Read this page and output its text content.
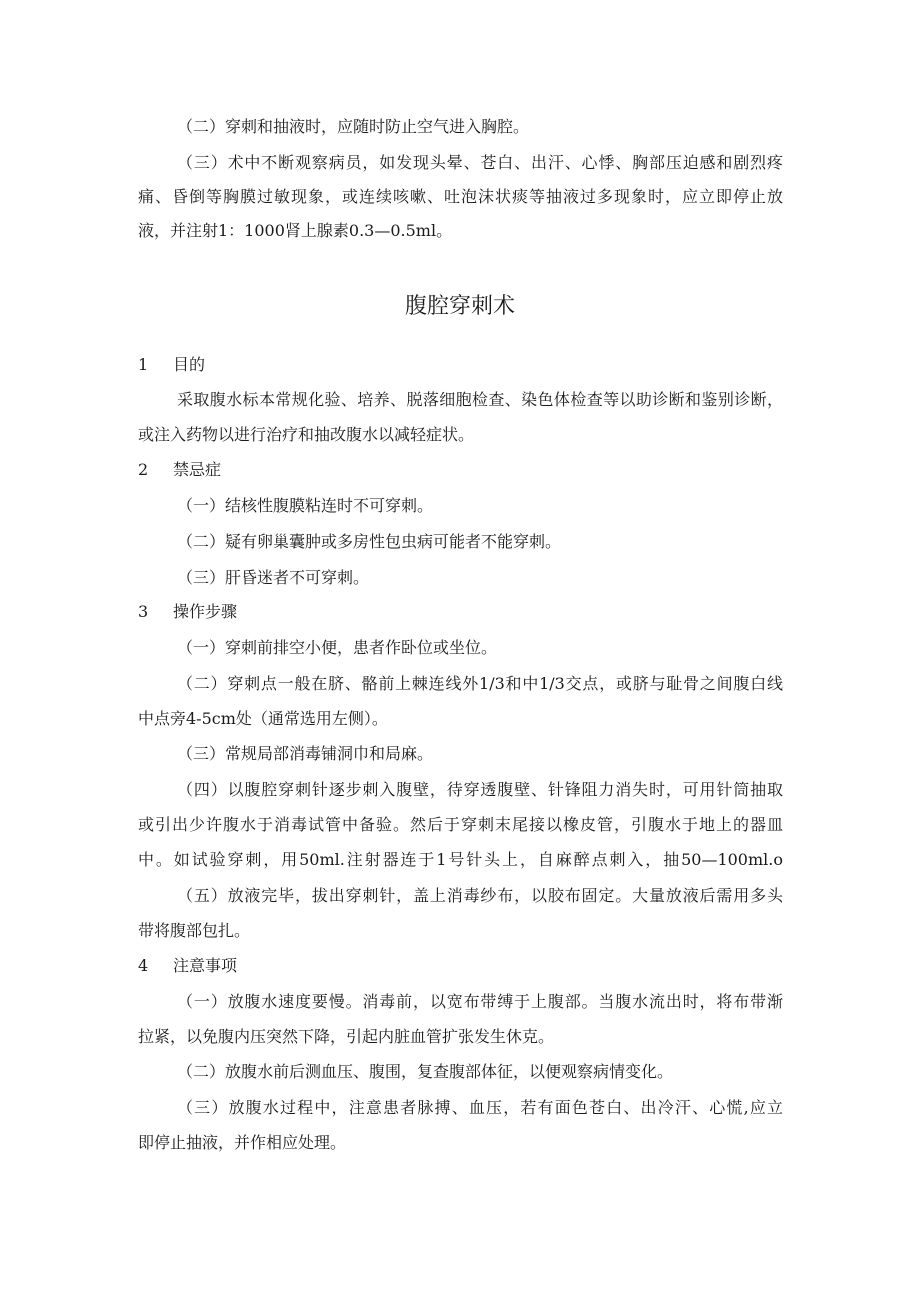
（二）穿刺和抽液时，应随时防止空气进入胸腔。

（三）术中不断观察病员，如发现头晕、苍白、出汗、心悸、胸部压迫感和剧烈疼

痛、昏倒等胸膜过敏现象，或连续咳嗽、吐泡沫状痰等抽液过多现象时，应立即停止放

液，并注射1：1000肾上腺素0.3—0.5ml。

腹腔穿刺术

1 目的

采取腹水标本常规化验、培养、脱落细胞检查、染色体检查等以助诊断和鉴别诊断，

或注入药物以进行治疗和抽改腹水以减轻症状。

2 禁忌症

（一）结核性腹膜粘连时不可穿刺。

（二）疑有卵巢囊肿或多房性包虫病可能者不能穿刺。

（三）肝昏迷者不可穿刺。

3 操作步骤

（一）穿刺前排空小便，患者作卧位或坐位。

（二）穿刺点一般在脐、骼前上棘连线外1/3和中1/3交点，或脐与耻骨之间腹白线

中点旁4-5cm处（通常选用左侧）。

（三）常规局部消毒铺洞巾和局麻。

（四）以腹腔穿刺针逐步刺入腹壁，待穿透腹壁、针锋阻力消失时，可用针筒抽取

或引出少许腹水于消毒试管中备验。然后于穿刺末尾接以橡皮管，引腹水于地上的器皿

中。如试验穿刺，用50ml.注射器连于1号针头上，自麻醉点刺入，抽50—100ml.o

（五）放液完毕，拔出穿刺针，盖上消毒纱布，以胶布固定。大量放液后需用多头

带将腹部包扎。

4 注意事项

（一）放腹水速度要慢。消毒前，以宽布带缚于上腹部。当腹水流出时，将布带渐

拉紧，以免腹内压突然下降，引起内脏血管扩张发生休克。

（二）放腹水前后测血压、腹围，复查腹部体征，以便观察病情变化。

（三）放腹水过程中，注意患者脉搏、血压，若有面色苍白、出冷汗、心慌,应立

即停止抽液，并作相应处理。
